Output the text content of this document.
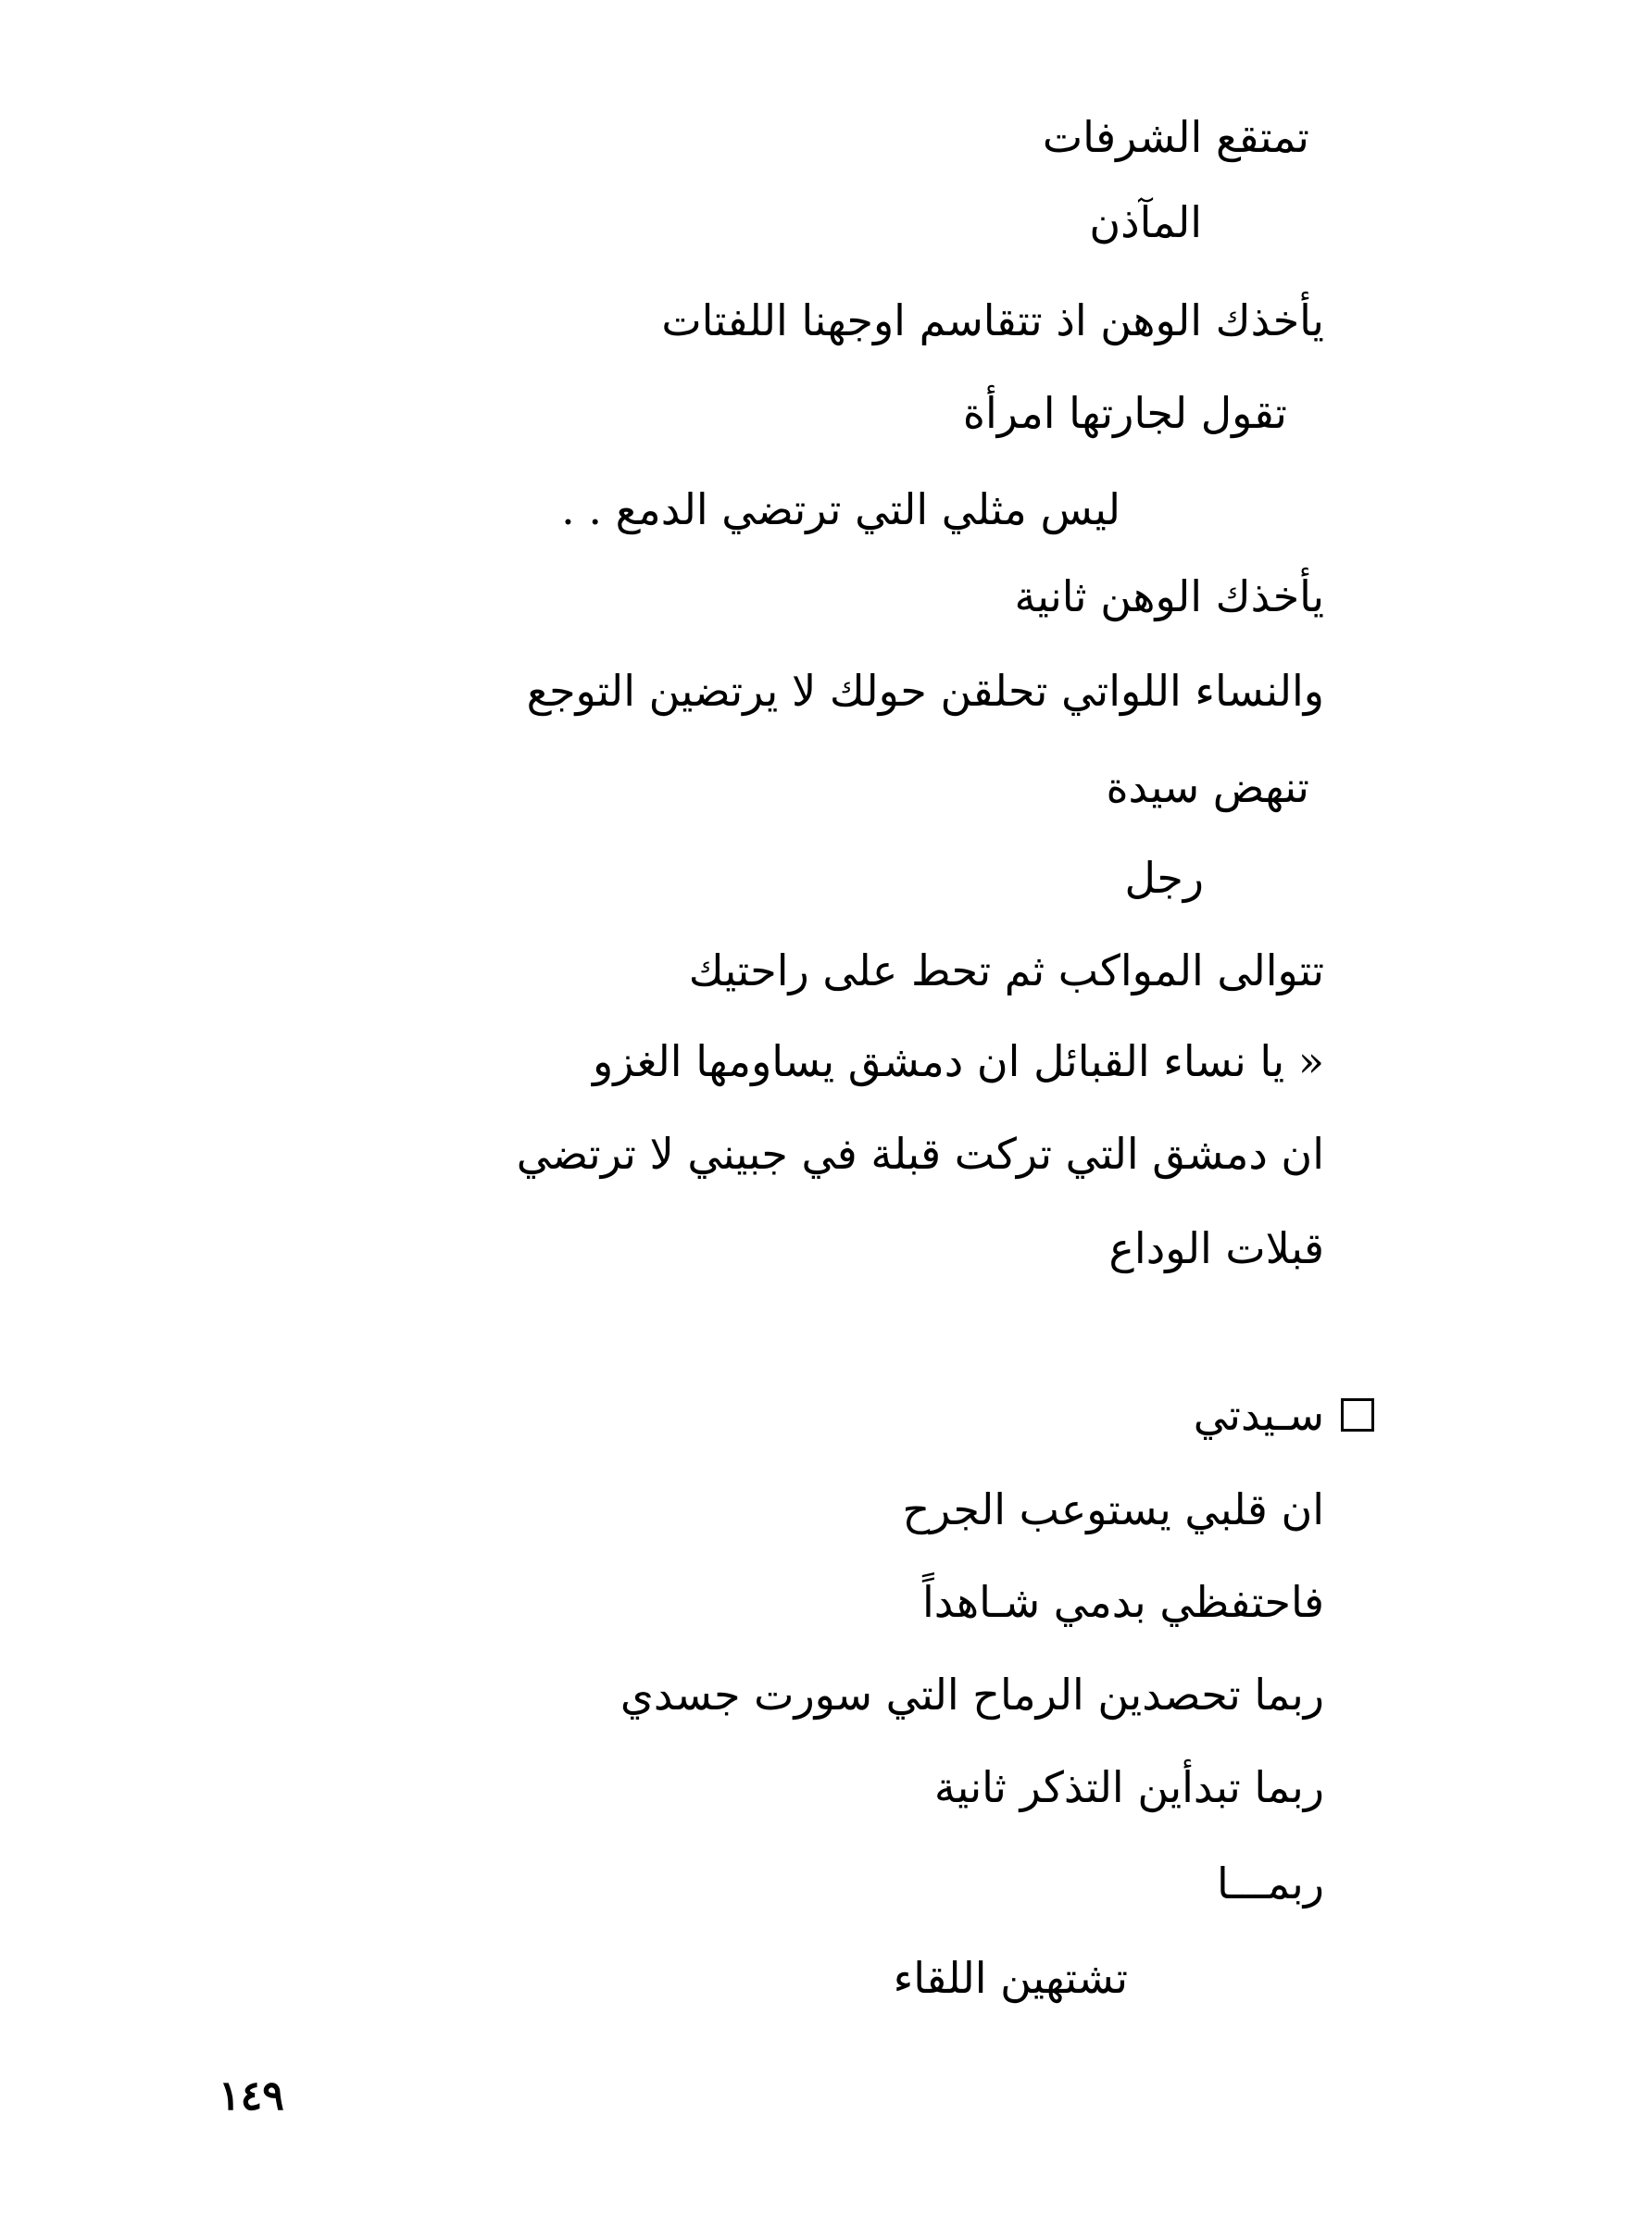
تمتقع الشرفات
المآذن
يأخذك الوهن اذ تتقاسم اوجهنا اللفتات
تقول لجارتها امرأة
ليس مثلي التي ترتضي الدمع . .
يأخذك الوهن ثانية
والنساء اللواتي تحلقن حولك لا يرتضين التوجع
تنهض سيدة
رجل
تتوالى المواكب ثم تحط على راحتيك
« يا نساء القبائل ان دمشق يساومها الغزو
ان دمشق التي تركت قبلة في جبيني لا ترتضي
قبلات الوداع
سـيدتي
ان قلبي يستوعب الجرح
فاحتفظي بدمي شـاهداً
ربما تحصدين الرماح التي سورت جسدي
ربما تبدأين التذكر ثانية
ربمـــا
تشتهين اللقاء
١٤٩
